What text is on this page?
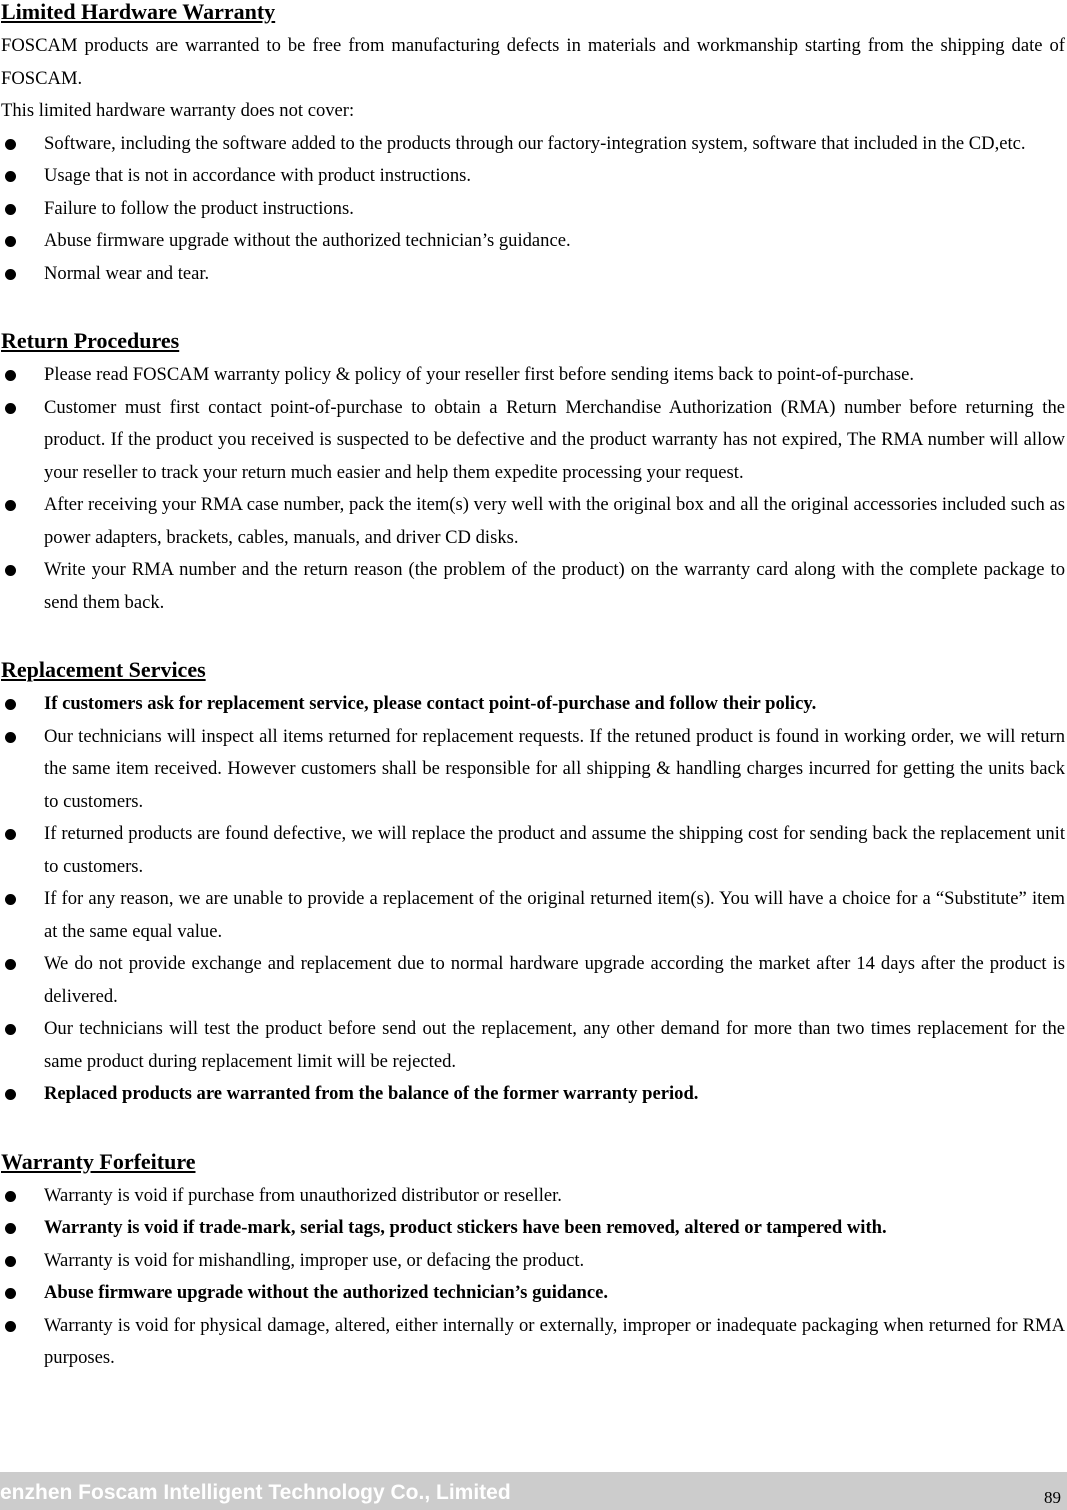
Limited Hardware Warranty

FOSCAM products are warranted to be free from manufacturing defects in materials and workmanship starting from the shipping date of FOSCAM.

This limited hardware warranty does not cover:

Software, including the software added to the products through our factory-integration system, software that included in the CD,etc.
Usage that is not in accordance with product instructions.
Failure to follow the product instructions.
Abuse firmware upgrade without the authorized technician’s guidance.
Normal wear and tear.
Return Procedures
Please read FOSCAM warranty policy & policy of your reseller first before sending items back to point-of-purchase.
Customer must first contact point-of-purchase to obtain a Return Merchandise Authorization (RMA) number before returning the product. If the product you received is suspected to be defective and the product warranty has not expired, The RMA number will allow your reseller to track your return much easier and help them expedite processing your request.
After receiving your RMA case number, pack the item(s) very well with the original box and all the original accessories included such as power adapters, brackets, cables, manuals, and driver CD disks.
Write your RMA number and the return reason (the problem of the product) on the warranty card along with the complete package to send them back.
Replacement Services
If customers ask for replacement service, please contact point-of-purchase and follow their policy.
Our technicians will inspect all items returned for replacement requests. If the retuned product is found in working order, we will return the same item received. However customers shall be responsible for all shipping & handling charges incurred for getting the units back to customers.
If returned products are found defective, we will replace the product and assume the shipping cost for sending back the replacement unit to customers.
If for any reason, we are unable to provide a replacement of the original returned item(s). You will have a choice for a “Substitute” item at the same equal value.
We do not provide exchange and replacement due to normal hardware upgrade according the market after 14 days after the product is delivered.
Our technicians will test the product before send out the replacement, any other demand for more than two times replacement for the same product during replacement limit will be rejected.
Replaced products are warranted from the balance of the former warranty period.
Warranty Forfeiture
Warranty is void if purchase from unauthorized distributor or reseller.
Warranty is void if trade-mark, serial tags, product stickers have been removed, altered or tampered with.
Warranty is void for mishandling, improper use, or defacing the product.
Abuse firmware upgrade without the authorized technician’s guidance.
Warranty is void for physical damage, altered, either internally or externally, improper or inadequate packaging when returned for RMA purposes.
enzhen Foscam Intelligent Technology Co., Limited	89
